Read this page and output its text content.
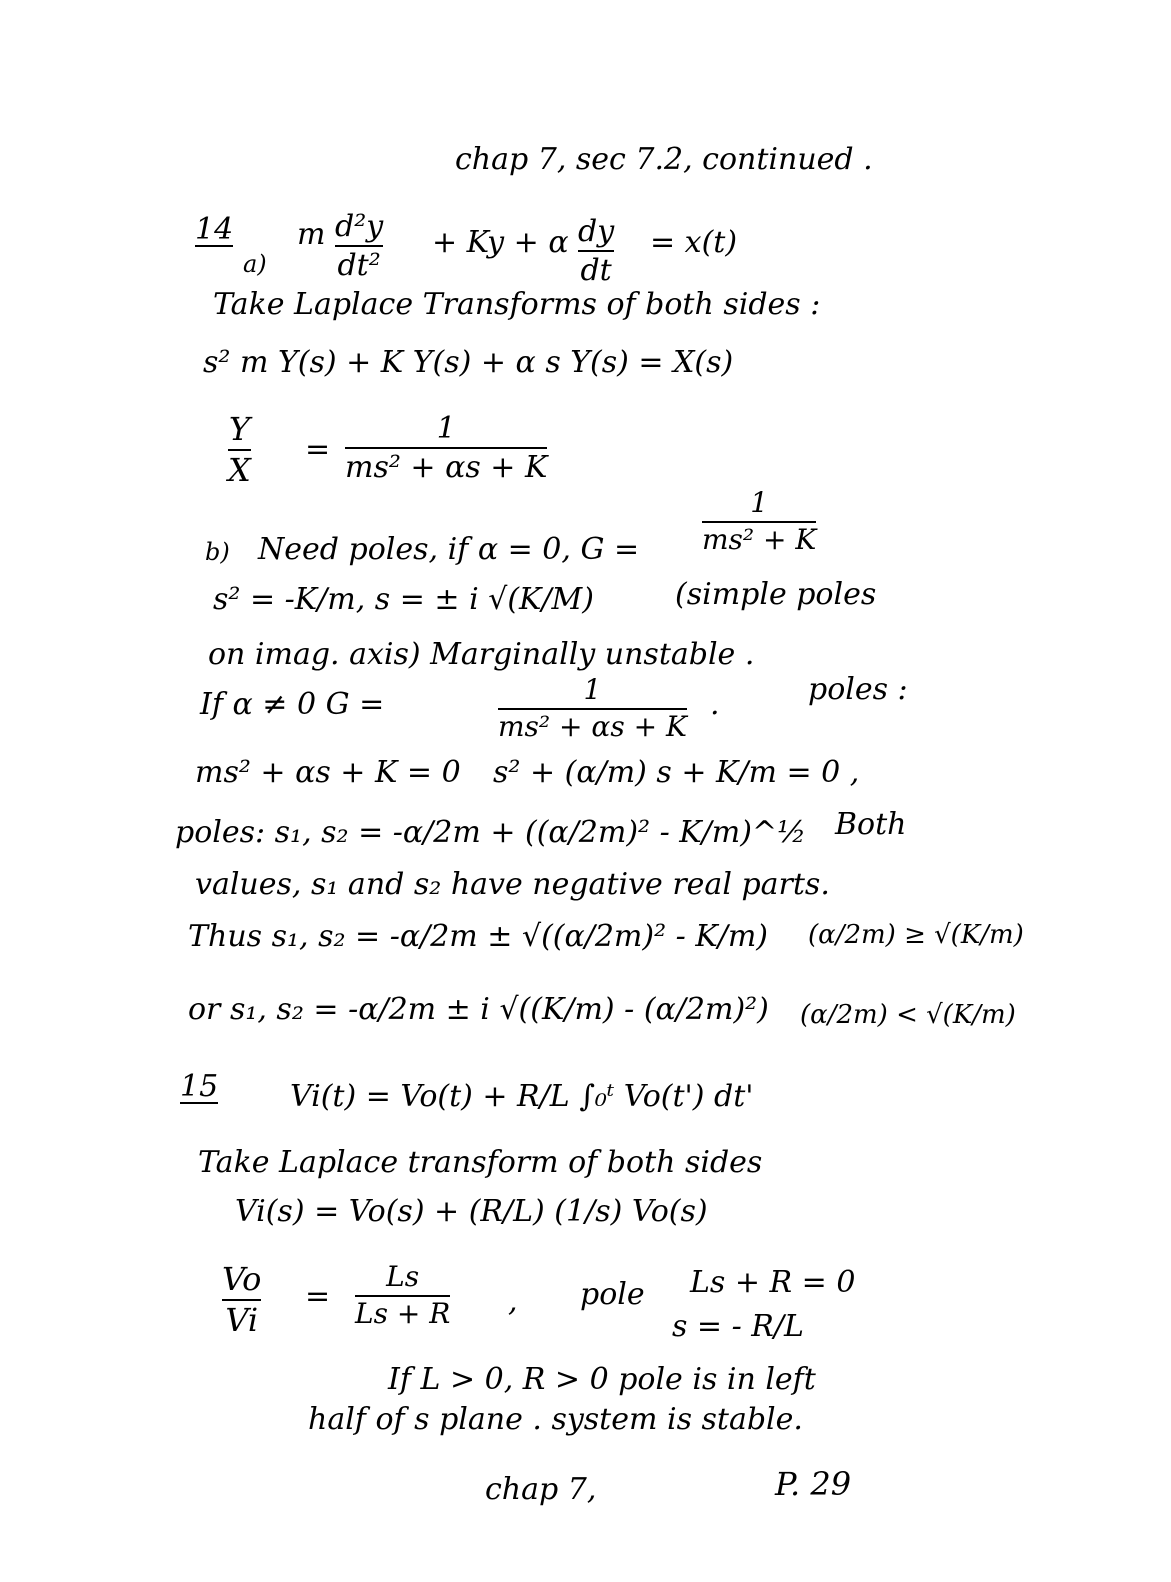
chap 7, sec 7.2, continued .
14
a)
m d²y
dt²
+ Ky + α dy
dt
= x(t)
Take Laplace Transforms of both sides :
s² m Y(s) + K Y(s) + α s Y(s) = X(s)
Y
X
=
1
ms² + αs + K
b) Need poles, if α = 0, G =
1
ms² + K
s² = -K/m, s = ± i √(K/M)	(simple poles
on imag. axis) Marginally unstable .
If α ≠ 0 G =	1
ms² + αs + K
.	poles :
ms² + αs + K = 0 s² + (α/m) s + K/m = 0 ,
poles: s₁, s₂ = -α/2m + ((α/2m)² - K/m)^½ Both
values, s₁ and s₂ have negative real parts.
Thus s₁, s₂ = -α/2m ± √((α/2m)² - K/m) (α/2m) ≥ √(K/m)
or s₁, s₂ = -α/2m ± i √((K/m) - (α/2m)²) (α/2m) < √(K/m)
15 Vi(t) = Vo(t) + R/L ∫₀ᵗ Vo(t') dt'
Take Laplace transform of both sides
Vi(s) = Vo(s) + (R/L) (1/s) Vo(s)
Vo
Vi
=
Ls
Ls + R , pole Ls + R = 0
s = - R/L
If L > 0, R > 0 pole is in left
half of s plane . system is stable.
chap 7,	P. 29
